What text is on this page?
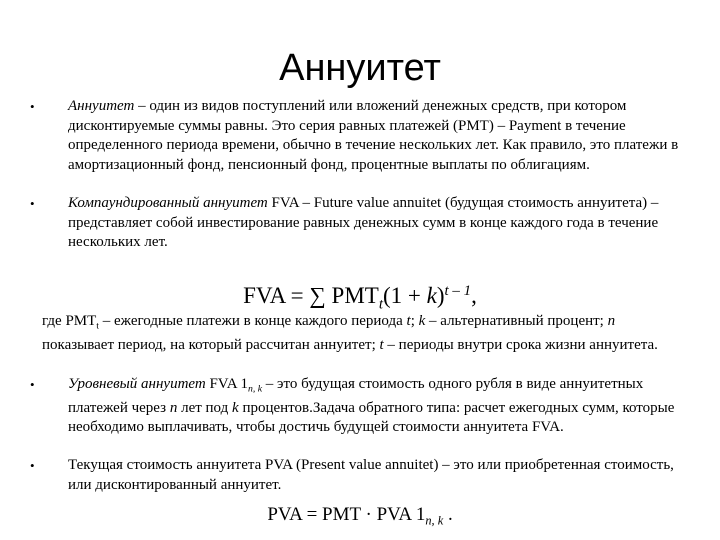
Аннуитет
• Аннуитет – один из видов поступлений или вложений денежных средств, при котором дисконтируемые суммы равны. Это серия равных платежей (PMT) – Payment в течение определенного периода времени, обычно в течение нескольких лет. Как правило, это платежи в амортизационный фонд, пенсионный фонд, процентные выплаты по облигациям.
• Компаундированный аннуитет FVA – Future value annuitet (будущая стоимость аннуитета) – представляет собой инвестирование равных денежных сумм в конце каждого года в течение нескольких лет.
FVA = ∑ $PMT_t(1 + k)^{t - 1}$,
где $PMT_t$ – ежегодные платежи в конце каждого периода t; k – альтернативный процент; n показывает период, на который рассчитан аннуитет; t – периоды внутри срока жизни аннуитета.
• Уровневый аннуитет FVA $1_{n, k}$ – это будущая стоимость одного рубля в виде аннуитетных платежей через n лет под k процентов.Задача обратного типа: расчет ежегодных сумм, которые необходимо выплачивать, чтобы достичь будущей стоимости аннуитета FVA.
• Текущая стоимость аннуитета PVA (Present value annuitet) – это или приобретенная стоимость, или дисконтированный аннуитет.
PVA = PMT · PVA $1_{n, k}$ .
